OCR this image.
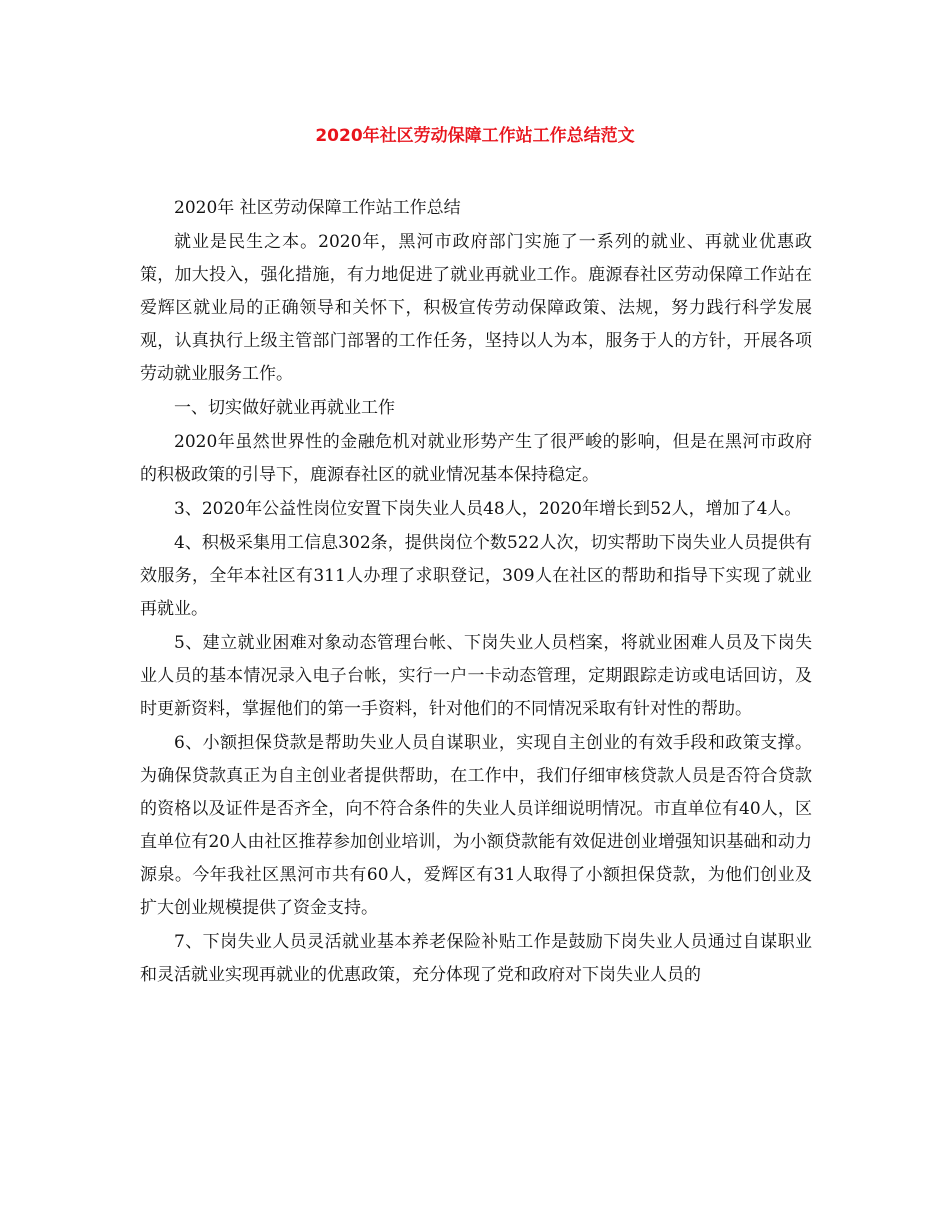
2020年社区劳动保障工作站工作总结范文

2020年 社区劳动保障工作站工作总结

就业是民生之本。2020年，黑河市政府部门实施了一系列的就业、再就业优惠政策，加大投入，强化措施，有力地促进了就业再就业工作。鹿源春社区劳动保障工作站在爱辉区就业局的正确领导和关怀下，积极宣传劳动保障政策、法规，努力践行科学发展观，认真执行上级主管部门部署的工作任务，坚持以人为本，服务于人的方针，开展各项劳动就业服务工作。

一、切实做好就业再就业工作

2020年虽然世界性的金融危机对就业形势产生了很严峻的影响，但是在黑河市政府的积极政策的引导下，鹿源春社区的就业情况基本保持稳定。

3、2020年公益性岗位安置下岗失业人员48人，2020年增长到52人，增加了4人。

4、积极采集用工信息302条，提供岗位个数522人次，切实帮助下岗失业人员提供有效服务，全年本社区有311人办理了求职登记，309人在社区的帮助和指导下实现了就业再就业。

5、建立就业困难对象动态管理台帐、下岗失业人员档案，将就业困难人员及下岗失业人员的基本情况录入电子台帐，实行一户一卡动态管理，定期跟踪走访或电话回访，及时更新资料，掌握他们的第一手资料，针对他们的不同情况采取有针对性的帮助。

6、小额担保贷款是帮助失业人员自谋职业，实现自主创业的有效手段和政策支撑。为确保贷款真正为自主创业者提供帮助，在工作中，我们仔细审核贷款人员是否符合贷款的资格以及证件是否齐全，向不符合条件的失业人员详细说明情况。市直单位有40人，区直单位有20人由社区推荐参加创业培训，为小额贷款能有效促进创业增强知识基础和动力源泉。今年我社区黑河市共有60人，爱辉区有31人取得了小额担保贷款，为他们创业及扩大创业规模提供了资金支持。

7、下岗失业人员灵活就业基本养老保险补贴工作是鼓励下岗失业人员通过自谋职业和灵活就业实现再就业的优惠政策，充分体现了党和政府对下岗失业人员的
